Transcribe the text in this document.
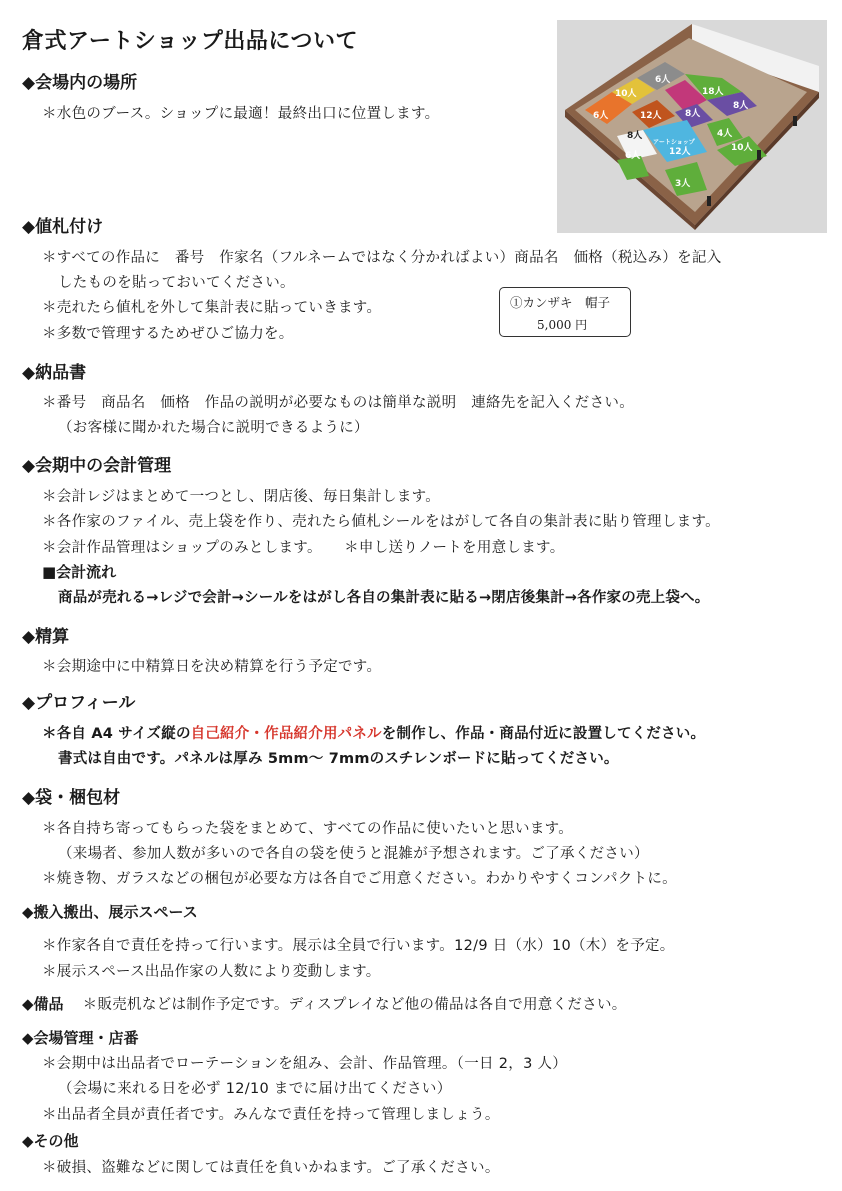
倉式アートショップ出品について
10人
6人
18人
6人	12人	8人
8人
8人	4人
10人
6人	12人
3人
アートショップ
◆会場内の場所
＊水色のブース。ショップに最適！最終出口に位置します。
◆値札付け
＊すべての作品に　番号　作家名（フルネームではなく分かればよい）商品名　価格（税込み）を記入
したものを貼っておいてください。
＊売れたら値札を外して集計表に貼っていきます。
＊多数で管理するためぜひご協力を。
①カンザキ　帽子
5,000 円
◆納品書
＊番号　商品名　価格　作品の説明が必要なものは簡単な説明　連絡先を記入ください。
（お客様に聞かれた場合に説明できるように）
◆会期中の会計管理
＊会計レジはまとめて一つとし、閉店後、毎日集計します。
＊各作家のファイル、売上袋を作り、売れたら値札シールをはがして各自の集計表に貼り管理します。
＊会計作品管理はショップのみとします。　　＊申し送りノートを用意します。
■会計流れ
商品が売れる→レジで会計→シールをはがし各自の集計表に貼る→閉店後集計→各作家の売上袋へ。
◆精算
＊会期途中に中精算日を決め精算を行う予定です。
◆プロフィール
＊各自 A4 サイズ縦の自己紹介・作品紹介用パネルを制作し、作品・商品付近に設置してください。
書式は自由です。パネルは厚み 5mm〜 7mmのスチレンボードに貼ってください。
◆袋・梱包材
＊各自持ち寄ってもらった袋をまとめて、すべての作品に使いたいと思います。
（来場者、参加人数が多いので各自の袋を使うと混雑が予想されます。ご了承ください）
＊焼き物、ガラスなどの梱包が必要な方は各自でご用意ください。わかりやすくコンパクトに。
◆搬入搬出、展示スペース
＊作家各自で責任を持って行います。展示は全員で行います。12/9 日（水）10（木）を予定。
＊展示スペース出品作家の人数により変動します。
◆備品 ＊販売机などは制作予定です。ディスプレイなど他の備品は各自で用意ください。
◆会場管理・店番
＊会期中は出品者でローテーションを組み、会計、作品管理。（一日 2，3 人）
（会場に来れる日を必ず 12/10 までに届け出てください）
＊出品者全員が責任者です。みんなで責任を持って管理しましょう。
◆その他
＊破損、盗難などに関しては責任を負いかねます。ご了承ください。
